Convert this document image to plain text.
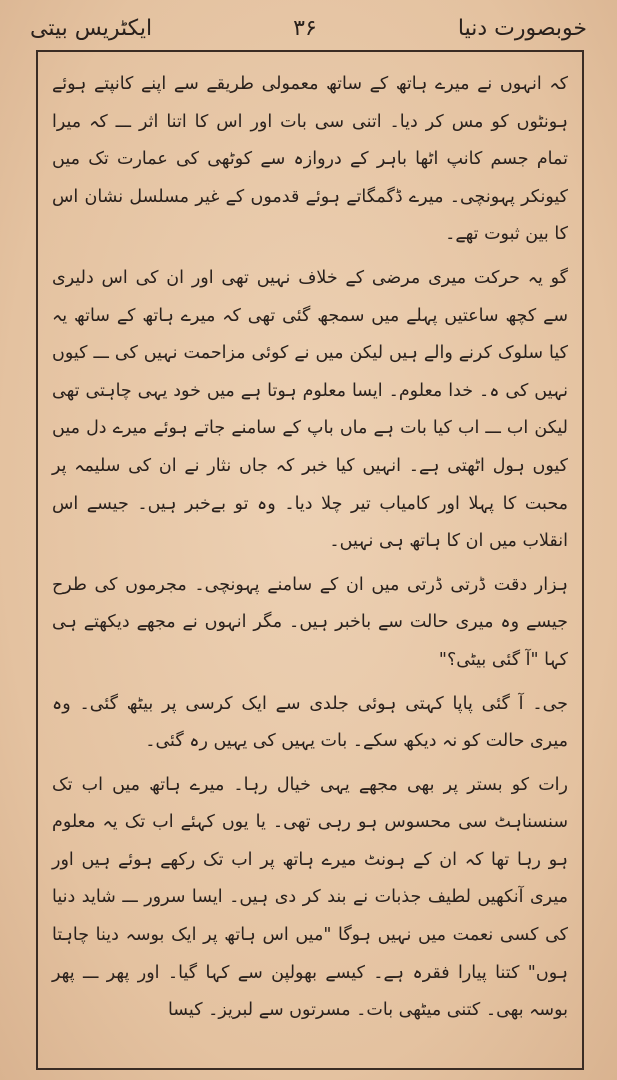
ایکٹریس بیتی	۳۶	خوبصورت دنیا

کہ انہوں نے میرے ہاتھ کے ساتھ معمولی طریقے سے اپنے کانپتے ہوئے ہونٹوں کو مس کر دیا۔ اتنی سی بات اور اس کا اتنا اثر ـــ کہ میرا تمام جسم کانپ اٹھا باہر کے دروازہ سے کوٹھی کی عمارت تک میں کیونکر پہونچی۔ میرے ڈگمگاتے ہوئے قدموں کے غیر مسلسل نشان اس کا بین ثبوت تھے۔

گو یہ حرکت میری مرضی کے خلاف نہیں تھی اور ان کی اس دلیری سے کچھ ساعتیں پہلے میں سمجھ گئی تھی کہ میرے ہاتھ کے ساتھ یہ کیا سلوک کرنے والے ہیں لیکن میں نے کوئی مزاحمت نہیں کی ـــ کیوں نہیں کی ہ۔ خدا معلوم۔ ایسا معلوم ہوتا ہے میں خود یہی چاہتی تھی لیکن اب ـــ اب کیا بات ہے ماں باپ کے سامنے جاتے ہوئے میرے دل میں کیوں ہول اٹھتی ہے۔ انہیں کیا خبر کہ جاں نثار نے ان کی سلیمہ پر محبت کا پہلا اور کامیاب تیر چلا دیا۔ وہ تو بےخبر ہیں۔ جیسے اس انقلاب میں ان کا ہاتھ ہی نہیں۔

ہزار دقت ڈرتی ڈرتی میں ان کے سامنے پہونچی۔ مجرموں کی طرح جیسے وہ میری حالت سے باخبر ہیں۔ مگر انہوں نے مجھے دیکھتے ہی کہا "آ گئی بیٹی؟"

جی۔ آ گئی پاپا کہتی ہوئی جلدی سے ایک کرسی پر بیٹھ گئی۔ وہ میری حالت کو نہ دیکھ سکے۔ بات یہیں کی یہیں رہ گئی۔

رات کو بستر پر بھی مجھے یہی خیال رہا۔ میرے ہاتھ میں اب تک سنسناہٹ سی محسوس ہو رہی تھی۔ یا یوں کہئے اب تک یہ معلوم ہو رہا تھا کہ ان کے ہونٹ میرے ہاتھ پر اب تک رکھے ہوئے ہیں اور میری آنکھیں لطیف جذبات نے بند کر دی ہیں۔ ایسا سرور ـــ شاید دنیا کی کسی نعمت میں نہیں ہوگا "میں اس ہاتھ پر ایک بوسہ دینا چاہتا ہوں" کتنا پیارا فقرہ ہے۔ کیسے بھولپن سے کہا گیا۔ اور پھر ـــ پھر بوسہ بھی۔ کتنی میٹھی بات۔ مسرتوں سے لبریز۔ کیسا
